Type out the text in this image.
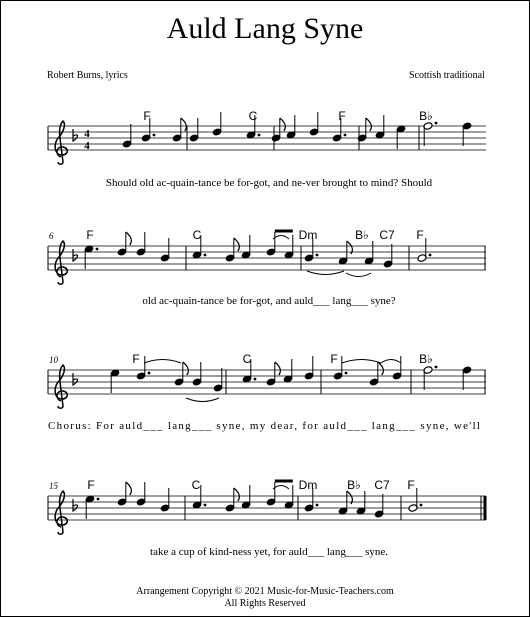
Auld Lang Syne
Robert Burns, lyrics	Scottish traditional
4
4
F	C	F	B♭
Should old ac-quain-tance be for-got, and ne-ver brought to mind? Should
6	F	C	Dm	B♭ C7 F
old ac-quain-tance be for-got, and auld___ lang___ syne?
10	F	C	F	B♭
Chorus: For auld___ lang___ syne, my dear, for auld___ lang___ syne, we'll
15 F	C	Dm B♭ C7 F
take a cup of kind-ness yet, for auld___ lang___ syne.
Arrangement Copyright © 2021 Music-for-Music-Teachers.com
All Rights Reserved
